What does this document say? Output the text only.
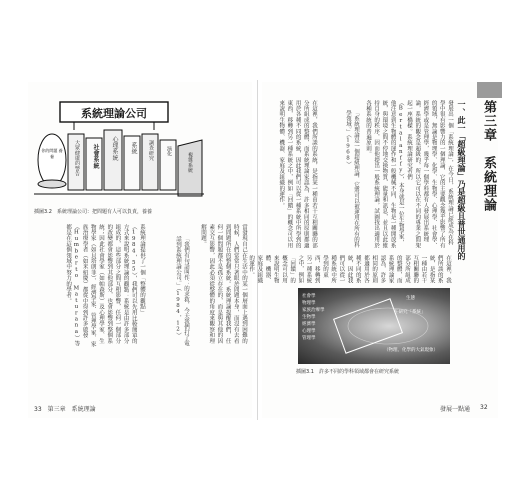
第三章　系統理論
一、此一「超級理論」乃是超級且普世通用的
發展出一個「系統理論」，在今日，系統理論已經成為在科學中很有影響力的一個理論，它的主要觀念幾乎影響了所有的領域，無論是物理學、化學、生物學、心理學、社會學、經濟學或是管理學，幾乎每一個學科都有人發展出系統理論，系統的觀念是超級的，所以它可以在不同的專業之間架起一座橋樑。系統理論研究者們（Bertalanffy），本身就是一位生物學家，他注意到生物體的運作和一般機械不同，生物是一種開放系統，與環境之間不停地交換物質、能量和訊息，並且以此維持自身的秩序，因而他提出一般系統理論，試圖找出適用於各種系統的普遍原則。
「系統理論是一個超級理論，它將可以被運用在所有的科學領域。」（1968）
在這裡，我們所談的系統，是指某一種由若干互相關聯的部分所組成的整體，而系統理論家認為，許多相同的原則都適用於各種不同的系統，因此我們可以從一種系統中所學到的東西，移轉到另一種系統之中，例如「回饋」的概念可以用來說明生物體、機器、家庭及組織的運作。
在這裡，我們所談的系統，是指某一種由若干互相關聯的部分所組成的整體，而系統理論家認為，許多相同的原則都適用於各種不同的系統，因此我們可以從一種系統中所學到的東西，移轉到另一種系統之中，例如「回饋」的概念可以用來說明生物體、機器、家庭及組織的運作。
社會學
物理學
家族治療學
生物學
經濟學
心理學
管理學
生態
在研究「系統」
（物理、化學的大氣現象）
插圖3.1　許多不同的學科領域都會在研究系統
發展一點通 32
系統理論公司
你的問題 養養	大眾健康的警告	社會系統	心理系統	系統	調查研究	演化
複雜系統
插圖3.2　系統理論公司：把問題有人可以負責，養養
當發現自己在生活中的某一個層面上遇到困難的時候，人們常常只著眼於問題本身，而沒有去看到問題所在的整個系統。系統理論提醒我們，任何一個問題都不是孤立存在的，而是與其他的因素交互影響，因此必須從整體的角度來觀察和理解問題。
「我們有句話叫作：的求救，今天我們打了電話到系統理論公司。」（1984，12）
系統理論提供了一個「整體的觀點」（1984，55），我們可以先用比較簡單的方式來說明系統理論的觀點：系統是由許多部分組成的，這些部分之間互相影響，任何一個部分的改變都會影響到其他部分，也會影響到整個系統；因此社會學家（如帕森斯）及心理學家、生物學家（如貝塔朗菲）、經濟學家、管理學家、家族治療學者（如米紐慶）都從中得到許多啟發（Humberto Maturana）等都是在這個領域中努力的學者。
33　第三章　系統理論
